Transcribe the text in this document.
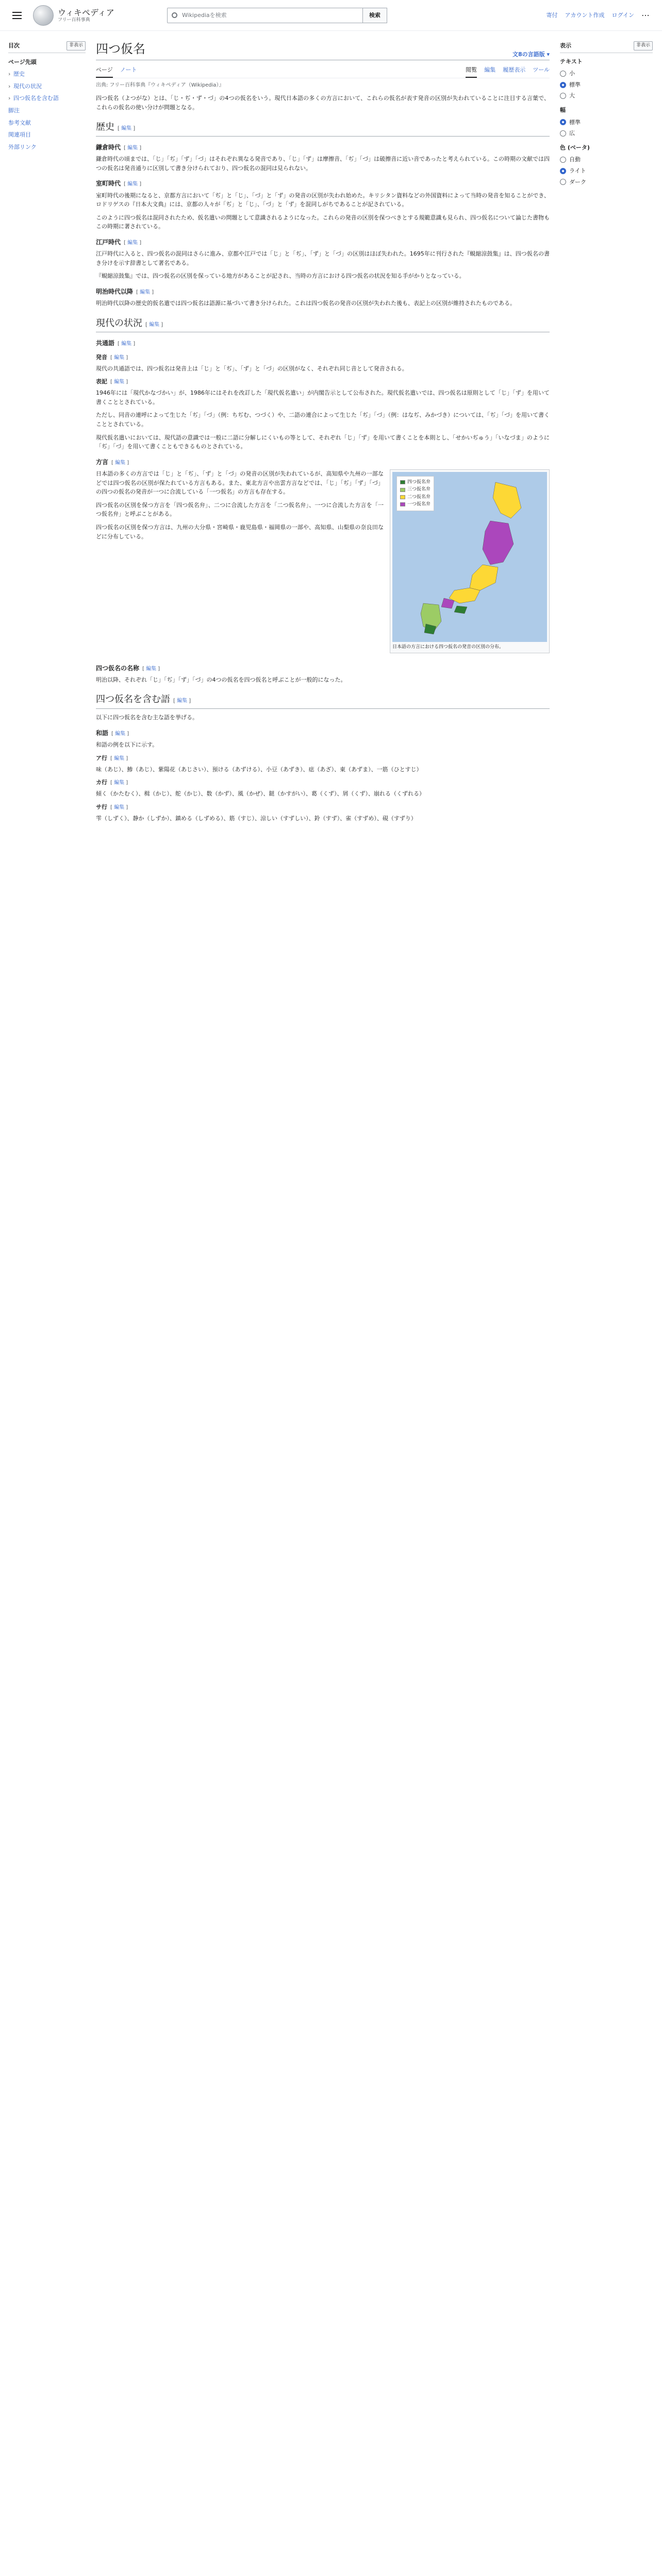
ウィキペディア
フリー百科事典
Wikipediaを検索	検索	寄付 アカウント作成 ログイン ⋯
目次	非表示
ページ先頭
› 歴史
› 現代の状況
› 四つ仮名を含む語
脚注
参考文献
関連項目
外部リンク
四つ仮名	文8の言語版 ▾
ページ ノート	閲覧 編集 履歴表示 ツール
出典: フリー百科事典『ウィキペディア（Wikipedia）』

四つ仮名（よつがな）とは、「じ・ぢ・ず・づ」の4つの仮名をいう。現代日本語の多くの方言において、これらの仮名が表す発音の区別が失われていることに注目する言葉で、これらの仮名の使い分けが問題となる。

歴史 [ 編集 ]
鎌倉時代 [ 編集 ]

鎌倉時代の頃までは、「じ」「ぢ」「ず」「づ」はそれぞれ異なる発音であり、「じ」「ず」は摩擦音、「ぢ」「づ」は破擦音に近い音であったと考えられている。この時期の文献では四つの仮名は発音通りに区別して書き分けられており、四つ仮名の混同は見られない。

室町時代 [ 編集 ]

室町時代の後期になると、京都方言において「ぢ」と「じ」、「づ」と「ず」の発音の区別が失われ始めた。キリシタン資料などの外国資料によって当時の発音を知ることができ、ロドリゲスの『日本大文典』には、京都の人々が「ぢ」と「じ」、「づ」と「ず」を混同しがちであることが記されている。

このように四つ仮名は混同されたため、仮名遣いの問題として意識されるようになった。これらの発音の区別を保つべきとする規範意識も見られ、四つ仮名について論じた書物もこの時期に著されている。

江戸時代 [ 編集 ]

江戸時代に入ると、四つ仮名の混同はさらに進み、京都や江戸では「じ」と「ぢ」、「ず」と「づ」の区別はほぼ失われた。1695年に刊行された『蜆縮涼鼓集』は、四つ仮名の書き分けを示す辞書として著名である。

『蜆縮涼鼓集』では、四つ仮名の区別を保っている地方があることが記され、当時の方言における四つ仮名の状況を知る手がかりとなっている。

明治時代以降 [ 編集 ]

明治時代以降の歴史的仮名遣では四つ仮名は語源に基づいて書き分けられた。これは四つ仮名の発音の区別が失われた後も、表記上の区別が維持されたものである。

現代の状況 [ 編集 ]
共通語 [ 編集 ]
発音 [ 編集 ]

現代の共通語では、四つ仮名は発音上は「じ」と「ぢ」、「ず」と「づ」の区別がなく、それぞれ同じ音として発音される。

表記 [ 編集 ]

1946年には「現代かなづかい」が、1986年にはそれを改訂した「現代仮名遣い」が内閣告示として公布された。現代仮名遣いでは、四つ仮名は原則として「じ」「ず」を用いて書くこととされている。

ただし、同音の連呼によって生じた「ぢ」「づ」（例：ちぢむ、つづく）や、二語の連合によって生じた「ぢ」「づ」（例：はなぢ、みかづき）については、「ぢ」「づ」を用いて書くこととされている。

現代仮名遣いにおいては、現代語の意識では一般に二語に分解しにくいもの等として、それぞれ「じ」「ず」を用いて書くことを本則とし、「せかいぢゅう」「いなづま」のように「ぢ」「づ」を用いて書くこともできるものとされている。

方言 [ 編集 ]
四つ仮名弁
三つ仮名弁
二つ仮名弁
一つ仮名弁
日本語の方言における四つ仮名の発音の区別の分布。

日本語の多くの方言では「じ」と「ぢ」、「ず」と「づ」の発音の区別が失われているが、高知県や九州の一部などでは四つ仮名の区別が保たれている方言もある。また、東北方言や出雲方言などでは、「じ」「ぢ」「ず」「づ」の四つの仮名の発音が一つに合流している「一つ仮名」の方言も存在する。

四つ仮名の区別を保つ方言を「四つ仮名弁」、二つに合流した方言を「二つ仮名弁」、一つに合流した方言を「一つ仮名弁」と呼ぶことがある。

四つ仮名の区別を保つ方言は、九州の大分県・宮崎県・鹿児島県・福岡県の一部や、高知県、山梨県の奈良田などに分布している。

四つ仮名の名称 [ 編集 ]

明治以降、それぞれ「じ」「ぢ」「ず」「づ」の4つの仮名を四つ仮名と呼ぶことが一般的になった。

四つ仮名を含む語 [ 編集 ]

以下に四つ仮名を含む主な語を挙げる。

和語 [ 編集 ]

和語の例を以下に示す。

ア行 [ 編集 ]

味（あじ）、鯵（あじ）、紫陽花（あじさい）、預ける（あずける）、小豆（あずき）、痣（あざ）、東（あずま）、一筋（ひとすじ）

カ行 [ 編集 ]

傾く（かたむく）、楫（かじ）、舵（かじ）、数（かず）、風（かぜ）、鎹（かすがい）、葛（くず）、屑（くず）、崩れる（くずれる）

サ行 [ 編集 ]

雫（しずく）、静か（しずか）、鎮める（しずめる）、筋（すじ）、涼しい（すずしい）、鈴（すず）、雀（すずめ）、硯（すずり）

表示	非表示
テキスト
小
標準
大
幅
標準
広
色 (ベータ)
自動
ライト
ダーク
